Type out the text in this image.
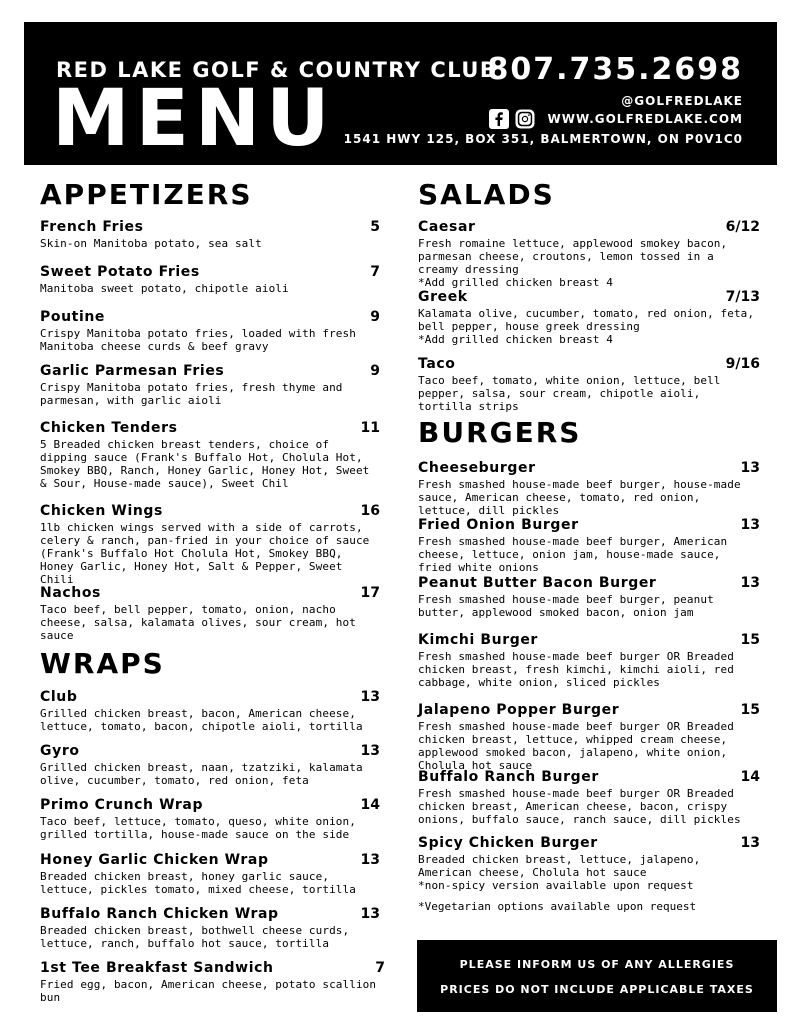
RED LAKE GOLF & COUNTRY CLUB
MENU
807.735.2698
@GOLFREDLAKE
WWW.GOLFREDLAKE.COM
1541 HWY 125, BOX 351, BALMERTOWN, ON P0V1C0
APPETIZERS
French Fries	5
Skin-on Manitoba potato, sea salt
Sweet Potato Fries	7
Manitoba sweet potato, chipotle aioli
Poutine	9
Crispy Manitoba potato fries, loaded with fresh Manitoba cheese curds & beef gravy
Garlic Parmesan Fries	9
Crispy Manitoba potato fries, fresh thyme and parmesan, with garlic aioli
Chicken Tenders	11
5 Breaded chicken breast tenders, choice of dipping sauce (Frank's Buffalo Hot, Cholula Hot, Smokey BBQ, Ranch, Honey Garlic, Honey Hot, Sweet & Sour, House-made sauce), Sweet Chil
Chicken Wings	16
1lb chicken wings served with a side of carrots, celery & ranch, pan-fried in your choice of sauce (Frank's Buffalo Hot Cholula Hot, Smokey BBQ, Honey Garlic, Honey Hot, Salt & Pepper, Sweet Chili
Nachos	17
Taco beef, bell pepper, tomato, onion, nacho cheese, salsa, kalamata olives, sour cream, hot sauce
WRAPS
Club	13
Grilled chicken breast, bacon, American cheese, lettuce, tomato, bacon, chipotle aioli, tortilla
Gyro	13
Grilled chicken breast, naan, tzatziki, kalamata olive, cucumber, tomato, red onion, feta
Primo Crunch Wrap	14
Taco beef, lettuce, tomato, queso, white onion, grilled tortilla, house-made sauce on the side
Honey Garlic Chicken Wrap	13
Breaded chicken breast, honey garlic sauce, lettuce, pickles tomato, mixed cheese, tortilla
Buffalo Ranch Chicken Wrap	13
Breaded chicken breast, bothwell cheese curds, lettuce, ranch, buffalo hot sauce, tortilla
1st Tee Breakfast Sandwich	7
Fried egg, bacon, American cheese, potato scallion bun
SALADS
Caesar	6/12
Fresh romaine lettuce, applewood smokey bacon, parmesan cheese, croutons, lemon tossed in a creamy dressing
*Add grilled chicken breast 4
Greek	7/13
Kalamata olive, cucumber, tomato, red onion, feta, bell pepper, house greek dressing
*Add grilled chicken breast 4
Taco	9/16
Taco beef, tomato, white onion, lettuce, bell pepper, salsa, sour cream, chipotle aioli, tortilla strips
BURGERS
Cheeseburger	13
Fresh smashed house-made beef burger, house-made sauce, American cheese, tomato, red onion, lettuce, dill pickles
Fried Onion Burger	13
Fresh smashed house-made beef burger, American cheese, lettuce, onion jam, house-made sauce, fried white onions
Peanut Butter Bacon Burger	13
Fresh smashed house-made beef burger, peanut butter, applewood smoked bacon, onion jam
Kimchi Burger	15
Fresh smashed house-made beef burger OR Breaded chicken breast, fresh kimchi, kimchi aioli, red cabbage, white onion, sliced pickles
Jalapeno Popper Burger	15
Fresh smashed house-made beef burger OR Breaded chicken breast, lettuce, whipped cream cheese, applewood smoked bacon, jalapeno, white onion, Cholula hot sauce
Buffalo Ranch Burger	14
Fresh smashed house-made beef burger OR Breaded chicken breast, American cheese, bacon, crispy onions, buffalo sauce, ranch sauce, dill pickles
Spicy Chicken Burger	13
Breaded chicken breast, lettuce, jalapeno, American cheese, Cholula hot sauce
*non-spicy version available upon request
*Vegetarian options available upon request
PLEASE INFORM US OF ANY ALLERGIES
PRICES DO NOT INCLUDE APPLICABLE TAXES
